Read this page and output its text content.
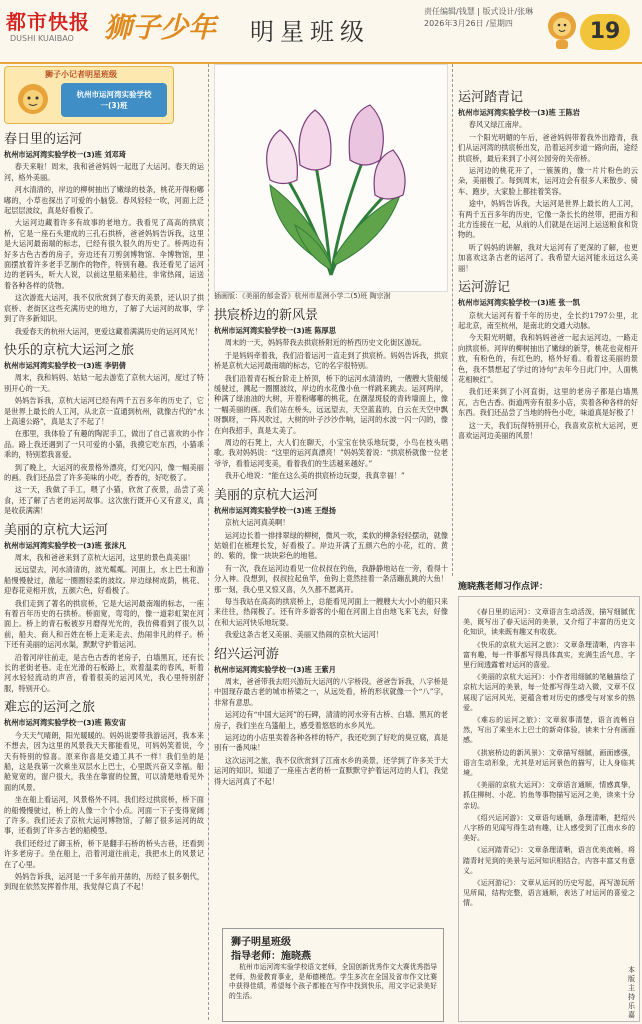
都市快报
DUSHI KUAIBAO 狮子少年 明星班级
责任编辑/钱慧 | 版式设计/张琳
2026年3月26日 /星期四	19
狮子小记者明星班级
杭州市运河湾实验学校
一(3)班
春日里的运河
杭州市运河湾实验学校一(3)班 刘邓琦

春天来啦！周末，我和爸爸妈妈一起逛了大运河。春天的运河，格外美丽。

河水清清的，岸边的柳树抽出了嫩绿的枝条，桃花开得粉嘟嘟的，小草也探出了可爱的小脑袋。春风轻轻一吹，河面上泛起层层波纹，真是好看极了。

大运河边藏着许多有故事的老地方。我看见了高高的拱宸桥，它是一座石头建成的三孔石拱桥，爸爸妈妈告诉我，这里是大运河最南端的标志，已经有很久很久的历史了。桥两边有好多古色古香的房子，旁边还有刀剪剑博物馆、伞博物馆，里面摆放着许多老手艺制作的物件，特别有趣。我还看见了运河边的老码头，听大人说，以前这里船来船往，非常热闹，运送着各种各样的货物。

这次游逛大运河，我不仅欣赏到了春天的美景，还认识了拱宸桥、老街区这些充满历史的地方，了解了大运河的故事，学到了许多新知识。

我爱春天的杭州大运河，更爱这藏着满满历史的运河风光！

快乐的京杭大运河之旅
杭州市运河湾实验学校一(3)班 李钥倩

周末，我和妈妈、姑姑一起去游览了京杭大运河，度过了特别开心的一天。

妈妈告诉我，京杭大运河已经有两千五百多年的历史了，它是世界上最长的人工河，从北京一直通到杭州，就像古代的“水上高速公路”，真是太了不起了！

在那里，我体验了有趣的陶泥手工，做出了自己喜欢的小作品。路上我还遇到了一只可爱的小猫，我摸它吃东西，小猫乖乖的，特别惹我喜爱。

到了晚上，大运河的夜景格外漂亮，灯光闪闪，像一幅美丽的画。我们还品尝了许多美味的小吃，香香的，好吃极了。

这一天，我做了手工，喂了小猫，欣赏了夜景，品尝了美食，还了解了古老的运河故事。这次旅行既开心又有意义，真是收获满满！

美丽的京杭大运河
杭州市运河湾实验学校一(3)班 张沫凡

周末，我和爸爸来到了京杭大运河，这里的景色真美丽！

远远望去，河水清清的，波光粼粼。河面上，水上巴士和游船慢慢驶过，激起一圈圈轻柔的波纹。岸边绿树成荫，桃花、迎春花竞相开放，五颜六色，好看极了。

我们走到了著名的拱宸桥，它是大运河最南端的标志，一座有着百年历史的石拱桥。桥面宽，弯弯的，像一道彩虹架在河面上。桥上的青石板被岁月磨得光光的，我仿佛看到了很久以前，船夫、商人和百姓在桥上走来走去、热闹非凡的样子。桥下还有美丽的运河水渠，默默守护着运河。

沿着河岸往前走，是古色古香的老房子，白墙黑瓦，还有长长的老街老巷。走在光滑的石板路上，欢着温柔的春风，听着河水轻轻流动的声音，看着很美的运河风光，我心里特别舒服，特别开心。

难忘的运河之旅
杭州市运河湾实验学校一(3)班 陈安宙

今天天气晴朗，阳光暖暖的。妈妈说要带我游运河，我本来不想去，因为这里的风景我天天都能看见，可妈妈笑着说，今天有特别的惊喜。原来你喜是交通工具不一样！我们坐的是船，这是我第一次乘坐双层水上巴士，心里既兴奋又幸福。船舱宽宽的，窗户很大，我坐在靠窗的位置，可以清楚地看见外面的风景。

坐在船上看运河，风景格外不同。我们经过拱宸桥，桥下面的船慢慢驶过，桥上的人像一个个小点。河面一下子变得宽阔了许多。我们还去了京杭大运河博物馆，了解了很多运河的故事，还看到了许多古老的船模型。

我们还经过了御玉桥，桥下是翻手石桥的桥头古巷，还看到许多老房子。坐在船上，沿着河道往前走，我把水上的风景记在了心里。

妈妈告诉我，运河是一千多年前开凿的，历经了很多朝代，到现在依然发挥着作用，我觉得它真了不起！

插画版：《美丽的郁金香》杭州市星洲小学二(5)班 陶宗澍
拱宸桥边的新风景
杭州市运河湾实验学校一(3)班 陈厚思

周末的一天，妈妈带我去拱宸桥附近的桥西历史文化街区游玩。

于是妈妈牵着我，我们沿着运河一直走到了拱宸桥。妈妈告诉我，拱宸桥是京杭大运河最南端的标志，它的名字很特别。

我们沿着青石板台阶走上桥顶，桥下的运河水清清的，一艘艘大货船缓缓驶过，溅起一圈圈波纹，岸边的水花像小鱼一样跳来跳去。运河两岸，种满了绿油油的大树，开着粉嘟嘟的桃花，在潮湿斑驳的青砖墙面上，像一幅美丽的画。我们站在桥头，远远望去，天空蓝蓝的，白云在天空中飘呀飘呀，一阵风吹过，大树的叶子沙沙作响，运河的水波一闪一闪的，像在向我招手，真是太美了。

周边的石凳上，大人们在聊天，小宝宝在快乐地玩耍，小鸟在枝头唱歌。我对妈妈说：“这里的运河真漂亮！”妈妈笑着说：“拱宸桥就像一位老爷爷，看着运河变美，看着我们的生活越来越好。”

我开心地说：“能在这么美的拱宸桥边玩耍，我真幸福！”

美丽的京杭大运河
杭州市运河湾实验学校一(3)班 王煜扬

京杭大运河真美啊！

运河边长着一排排翠绿的柳树，微风一吹，柔软的柳条轻轻摆动，就像姑娘们在梳理长发，好看极了。岸边开满了五颜六色的小花，红的、黄的、紫的，像一块块彩色的地毯。

有一次，我在运河边看见一位叔叔在钓鱼，我静静地站在一旁，看得十分入神。没想到，叔叔拉起鱼竿，鱼钩上竟然挂着一条活蹦乱跳的大鱼！那一刻，我心里又惊又喜，久久都不愿离开。

每当我站在高高的拱宸桥上，总能看见河面上一艘艘大大小小的船只来来往往，热闹极了。还有许多游客的小船在河面上自由地飞来飞去，好像在和大运河快乐地玩耍。

我爱这条古老又美丽、美丽又热闹的京杭大运河！

绍兴运河游
杭州市运河湾实验学校一(3)班 王紫月

周末，爸爸带我去绍兴游玩大运河的八字桥段。爸爸告诉我，八字桥是中国现存最古老的城市桥梁之一，从远处看，桥的形状就像一个“八”字，非常有意思。

运河边有“中国大运河”的石碑，清清的河水旁有古桥、白墙、黑瓦的老房子，我们坐在乌篷船上，感受着悠悠的水乡风光。

运河边的小店里卖着各种各样的特产，我还吃到了好吃的臭豆腐，真是别有一番风味！

这次运河之旅，我不仅欣赏到了江南水乡的美景，还学到了许多关于大运河的知识。知道了一座座古老的桥一直默默守护着运河边的人们，我觉得大运河真了不起！

狮子明星班级
指导老师：施晓燕
杭州市运河湾实验学校语文老师，全国创新优秀作文大赛优秀指导老师，热爱教育事业，是师德模范。学生多次在全国及省市作文比赛中获得佳绩，希望每个孩子都能在写作中找到快乐，用文字记录美好的生活。
运河踏青记
杭州市运河湾实验学校一(3)班 王陈岩

春风又绿江南岸。

一个阳光明媚的午后，爸爸妈妈带着我外出踏青，我们从运河湾的拱宸桥出发，沿着运河步道一路向南，途经拱宸桥，最后来到了小河公园旁的关帝桥。

运河边的桃花开了，一簇簇的，像一片片粉色的云朵，美丽极了。每到周末，运河边会有很多人来散步、骑车、跑步，大家脸上都挂着笑容。

途中，妈妈告诉我，大运河是世界上最长的人工河，有两千五百多年的历史，它像一条长长的丝带，把南方和北方连接在一起，从前的人们就是在运河上运送粮食和货物的。

听了妈妈的讲解，我对大运河有了更深的了解，也更加喜欢这条古老的运河了。我希望大运河能永远这么美丽！

运河游记
杭州市运河湾实验学校一(3)班 张一凯

京杭大运河有着千年的历史，全长约1797公里，北起北京，南至杭州，是南北的交通大动脉。

今天阳光明媚，我和妈妈爸爸一起去运河边，一路走向拱宸桥。河岸的柳树抽出了嫩绿的新芽，桃花也竞相开放，有粉色的，有红色的，格外好看。看着这美丽的景色，我不禁想起了学过的诗句“去年今日此门中，人面桃花相映红”。

我们还来到了小河直街，这里的老房子都是白墙黑瓦，古色古香。街道两旁有很多小店，卖着各种各样的好东西。我们还品尝了当地的特色小吃，味道真是好极了！

这一天，我们玩得特别开心，我喜欢京杭大运河，更喜欢运河边美丽的风景！

施晓燕老师习作点评：

《春日里的运河》：文章语言生动活泼，描写细腻优美，既写出了春天运河的美景，又介绍了丰富的历史文化知识，读来既有趣又有收获。

《快乐的京杭大运河之旅》：文章条理清晰，内容丰富有趣，每一件事都写得具体真实，充满生活气息，字里行间透露着对运河的喜爱。

《美丽的京杭大运河》：小作者用细腻的笔触描绘了京杭大运河的美景，每一处都写得生动入微，文章不仅展现了运河风光，更蕴含着对历史的感受与对家乡的热爱。

《难忘的运河之旅》：文章叙事清楚，语言流畅自然，写出了乘坐水上巴士的新奇体验，读来十分有画面感。

《拱宸桥边的新风景》：文章描写细腻，画面感强，语言生动形象，尤其是对运河景色的描写，让人身临其境。

《美丽的京杭大运河》：文章语言通顺，情感真挚，抓住柳树、小花、钓鱼等事物描写运河之美，读来十分亲切。

《绍兴运河游》：文章语句通顺，条理清晰，把绍兴八字桥的见闻写得生动有趣，让人感受到了江南水乡的美好。

《运河踏青记》：文章条理清晰，语言优美流畅，将踏青时见到的美景与运河知识相结合，内容丰富又有意义。

《运河游记》：文章从运河的历史写起，再写游玩所见所闻，结构完整，语言通顺，表达了对运河的喜爱之情。

本版主持 乐嘉
